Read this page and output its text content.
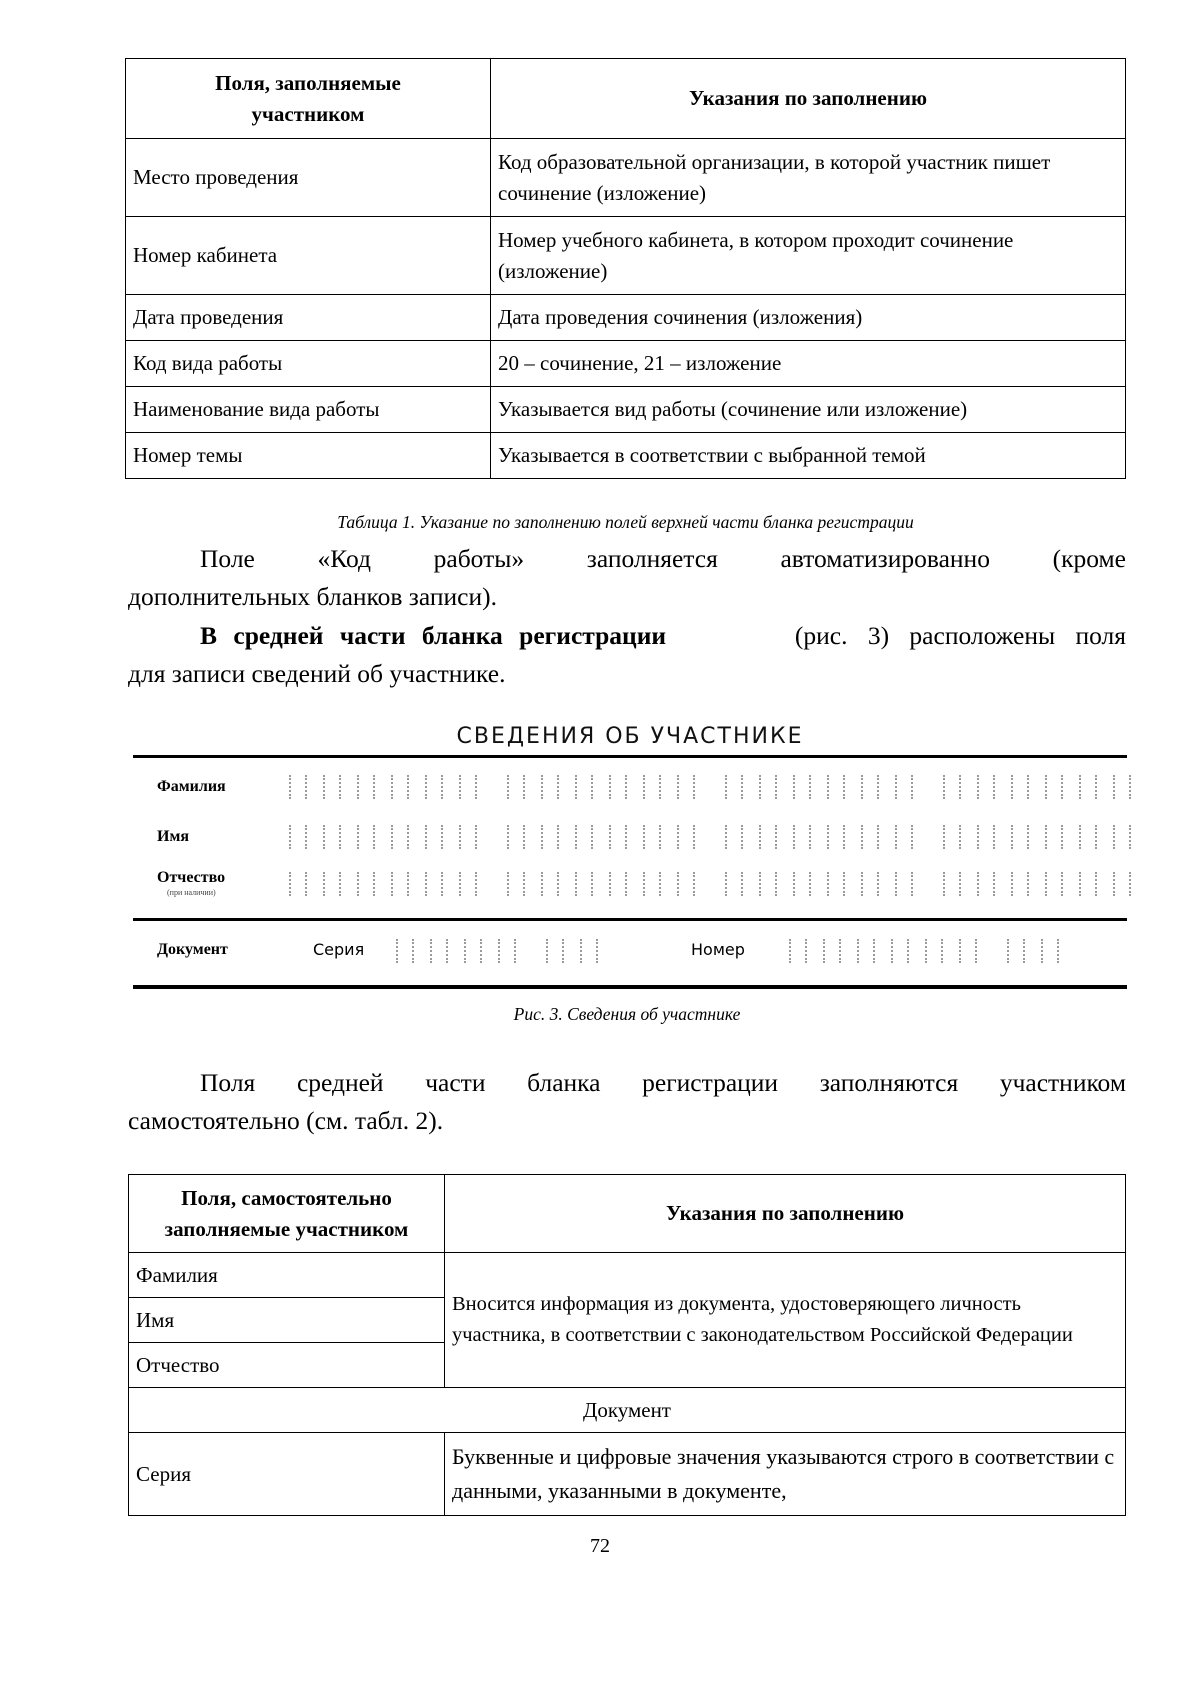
Поля, заполняемые участником	Указания по заполнению
Место проведения	Код образовательной организации, в которой участник пишет сочинение (изложение)
Номер кабинета	Номер учебного кабинета, в котором проходит сочинение (изложение)
Дата проведения	Дата проведения сочинения (изложения)
Код вида работы	20 – сочинение, 21 – изложение
Наименование вида работы	Указывается вид работы (сочинение или изложение)
Номер темы	Указывается в соответствии с выбранной темой
Таблица 1. Указание по заполнению полей верхней части бланка регистрации
Поле «Код работы» заполняется автоматизированно (кроме
дополнительных бланков записи).
В средней части бланка регистрации	(рис. 3) расположены поля
для записи сведений об участнике.
СВЕДЕНИЯ ОБ УЧАСТНИКЕ
Фамилия
Имя
Отчество
(при наличии)
Документ	Серия	Номер
Рис. 3. Сведения об участнике
Поля средней части бланка регистрации заполняются участником
самостоятельно (см. табл. 2).
Поля, самостоятельно заполняемые участником	Указания по заполнению
Фамилия	Вносится информация из документа, удостоверяющего личность участника, в соответствии с законодательством Российской Федерации
Имя	
Отчество	
Документ	
Серия	Буквенные и цифровые значения указываются строго в соответствии с данными, указанными в документе,
72
